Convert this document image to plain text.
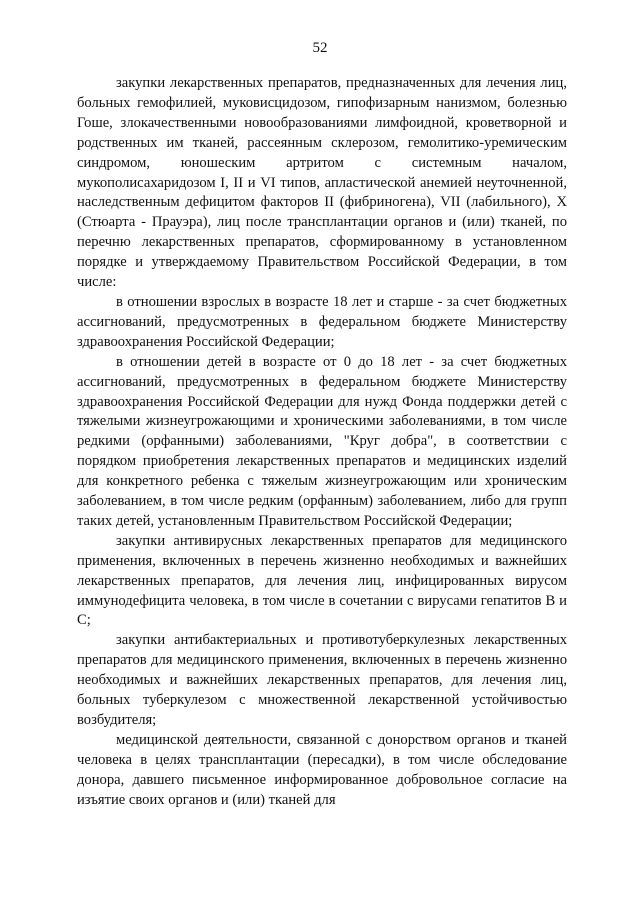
52

закупки лекарственных препаратов, предназначенных для лечения лиц, больных гемофилией, муковисцидозом, гипофизарным нанизмом, болезнью Гоше, злокачественными новообразованиями лимфоидной, кроветворной и родственных им тканей, рассеянным склерозом, гемолитико-уремическим синдромом, юношеским артритом с системным началом, мукополисахаридозом I, II и VI типов, апластической анемией неуточненной, наследственным дефицитом факторов II (фибриногена), VII (лабильного), X (Стюарта - Прауэра), лиц после трансплантации органов и (или) тканей, по перечню лекарственных препаратов, сформированному в установленном порядке и утверждаемому Правительством Российской Федерации, в том числе:

в отношении взрослых в возрасте 18 лет и старше - за счет бюджетных ассигнований, предусмотренных в федеральном бюджете Министерству здравоохранения Российской Федерации;

в отношении детей в возрасте от 0 до 18 лет - за счет бюджетных ассигнований, предусмотренных в федеральном бюджете Министерству здравоохранения Российской Федерации для нужд Фонда поддержки детей с тяжелыми жизнеугрожающими и хроническими заболеваниями, в том числе редкими (орфанными) заболеваниями, "Круг добра", в соответствии с порядком приобретения лекарственных препаратов и медицинских изделий для конкретного ребенка с тяжелым жизнеугрожающим или хроническим заболеванием, в том числе редким (орфанным) заболеванием, либо для групп таких детей, установленным Правительством Российской Федерации;

закупки антивирусных лекарственных препаратов для медицинского применения, включенных в перечень жизненно необходимых и важнейших лекарственных препаратов, для лечения лиц, инфицированных вирусом иммунодефицита человека, в том числе в сочетании с вирусами гепатитов B и C;

закупки антибактериальных и противотуберкулезных лекарственных препаратов для медицинского применения, включенных в перечень жизненно необходимых и важнейших лекарственных препаратов, для лечения лиц, больных туберкулезом с множественной лекарственной устойчивостью возбудителя;

медицинской деятельности, связанной с донорством органов и тканей человека в целях трансплантации (пересадки), в том числе обследование донора, давшего письменное информированное добровольное согласие на изъятие своих органов и (или) тканей для
